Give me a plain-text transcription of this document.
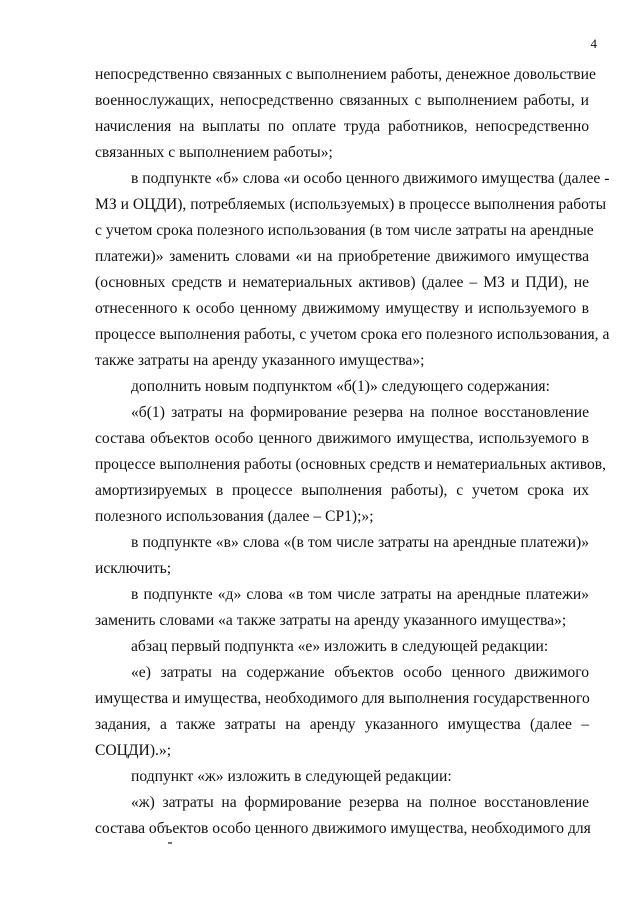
4
непосредственно связанных с выполнением работы, денежное довольствие
военнослужащих, непосредственно связанных с выполнением работы, и
начисления на выплаты по оплате труда работников, непосредственно
связанных с выполнением работы»;
в подпункте «б» слова «и особо ценного движимого имущества (далее -
МЗ и ОЦДИ), потребляемых (используемых) в процессе выполнения работы
с учетом срока полезного использования (в том числе затраты на арендные
платежи)» заменить словами «и на приобретение движимого имущества
(основных средств и нематериальных активов) (далее – МЗ и ПДИ), не
отнесенного к особо ценному движимому имуществу и используемого в
процессе выполнения работы, с учетом срока его полезного использования, а
также затраты на аренду указанного имущества»;
дополнить новым подпунктом «б(1)» следующего содержания:
«б(1) затраты на формирование резерва на полное восстановление
состава объектов особо ценного движимого имущества, используемого в
процессе выполнения работы (основных средств и нематериальных активов,
амортизируемых в процессе выполнения работы), с учетом срока их
полезного использования (далее – СР1);»;
в подпункте «в» слова «(в том числе затраты на арендные платежи)»
исключить;
в подпункте «д» слова «в том числе затраты на арендные платежи»
заменить словами «а также затраты на аренду указанного имущества»;
абзац первый подпункта «е» изложить в следующей редакции:
«е) затраты на содержание объектов особо ценного движимого
имущества и имущества, необходимого для выполнения государственного
задания, а также затраты на аренду указанного имущества (далее –
СОЦДИ).»;
подпункт «ж» изложить в следующей редакции:
«ж) затраты на формирование резерва на полное восстановление
состава объектов особо ценного движимого имущества, необходимого для
